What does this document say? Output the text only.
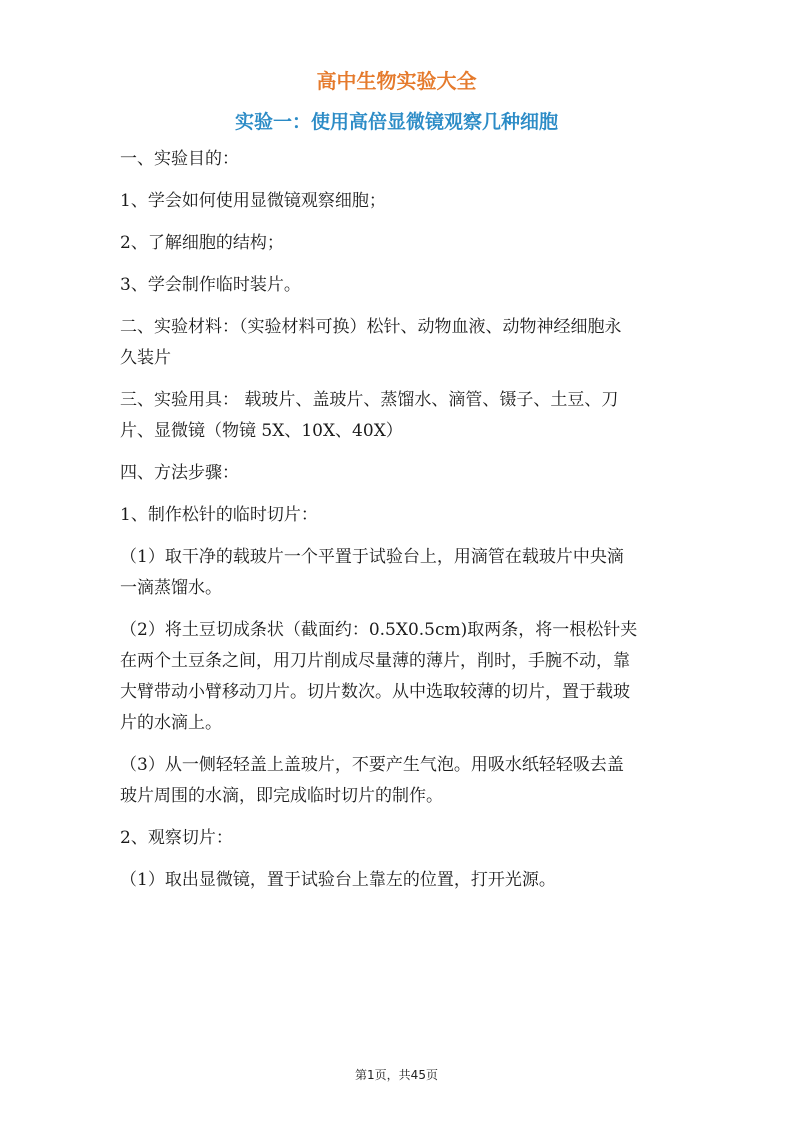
高中生物实验大全
实验一：使用高倍显微镜观察几种细胞

一、实验目的：

1、学会如何使用显微镜观察细胞；

2、了解细胞的结构；

3、学会制作临时装片。

二、实验材料：（实验材料可换）松针、动物血液、动物神经细胞永
久装片

三、实验用具： 载玻片、盖玻片、蒸馏水、滴管、镊子、土豆、刀
片、显微镜（物镜 5X、10X、40X）

四、方法步骤：

1、制作松针的临时切片：

（1）取干净的载玻片一个平置于试验台上，用滴管在载玻片中央滴
一滴蒸馏水。

（2）将土豆切成条状（截面约：0.5X0.5cm)取两条，将一根松针夹
在两个土豆条之间，用刀片削成尽量薄的薄片，削时，手腕不动，靠
大臂带动小臂移动刀片。切片数次。从中选取较薄的切片，置于载玻
片的水滴上。

（3）从一侧轻轻盖上盖玻片，不要产生气泡。用吸水纸轻轻吸去盖
玻片周围的水滴，即完成临时切片的制作。

2、观察切片：

（1）取出显微镜，置于试验台上靠左的位置，打开光源。

第1页，共45页
